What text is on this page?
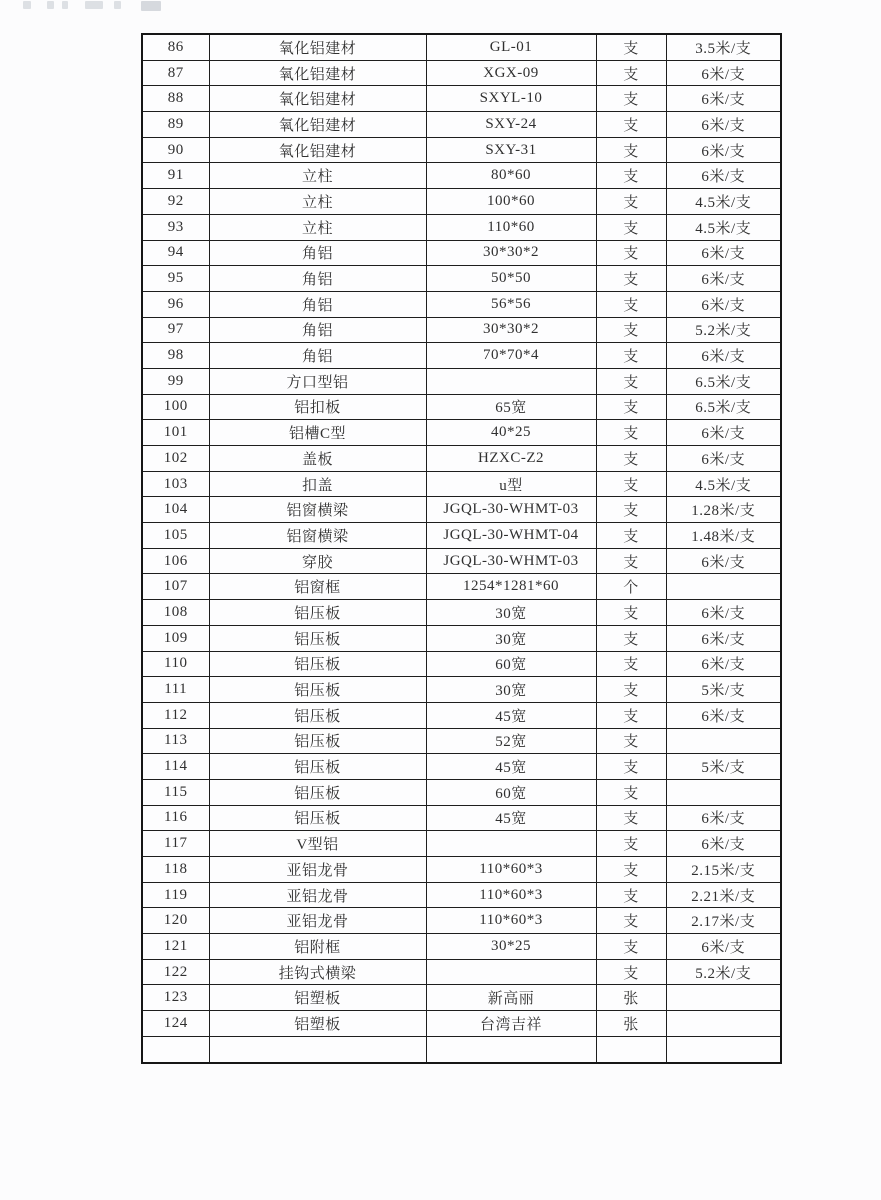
86	氧化铝建材	GL-01	支	3.5米/支
87	氧化铝建材	XGX-09	支	6米/支
88	氧化铝建材	SXYL-10	支	6米/支
89	氧化铝建材	SXY-24	支	6米/支
90	氧化铝建材	SXY-31	支	6米/支
91	立柱	80*60	支	6米/支
92	立柱	100*60	支	4.5米/支
93	立柱	110*60	支	4.5米/支
94	角铝	30*30*2	支	6米/支
95	角铝	50*50	支	6米/支
96	角铝	56*56	支	6米/支
97	角铝	30*30*2	支	5.2米/支
98	角铝	70*70*4	支	6米/支
99	方口型铝		支	6.5米/支
100	铝扣板	65宽	支	6.5米/支
101	铝槽C型	40*25	支	6米/支
102	盖板	HZXC-Z2	支	6米/支
103	扣盖	u型	支	4.5米/支
104	铝窗横梁	JGQL-30-WHMT-03	支	1.28米/支
105	铝窗横梁	JGQL-30-WHMT-04	支	1.48米/支
106	穿胶	JGQL-30-WHMT-03	支	6米/支
107	铝窗框	1254*1281*60	个	
108	铝压板	30宽	支	6米/支
109	铝压板	30宽	支	6米/支
110	铝压板	60宽	支	6米/支
111	铝压板	30宽	支	5米/支
112	铝压板	45宽	支	6米/支
113	铝压板	52宽	支	
114	铝压板	45宽	支	5米/支
115	铝压板	60宽	支	
116	铝压板	45宽	支	6米/支
117	V型铝		支	6米/支
118	亚铝龙骨	110*60*3	支	2.15米/支
119	亚铝龙骨	110*60*3	支	2.21米/支
120	亚铝龙骨	110*60*3	支	2.17米/支
121	铝附框	30*25	支	6米/支
122	挂钩式横梁		支	5.2米/支
123	铝塑板	新高丽	张	
124	铝塑板	台湾吉祥	张	
